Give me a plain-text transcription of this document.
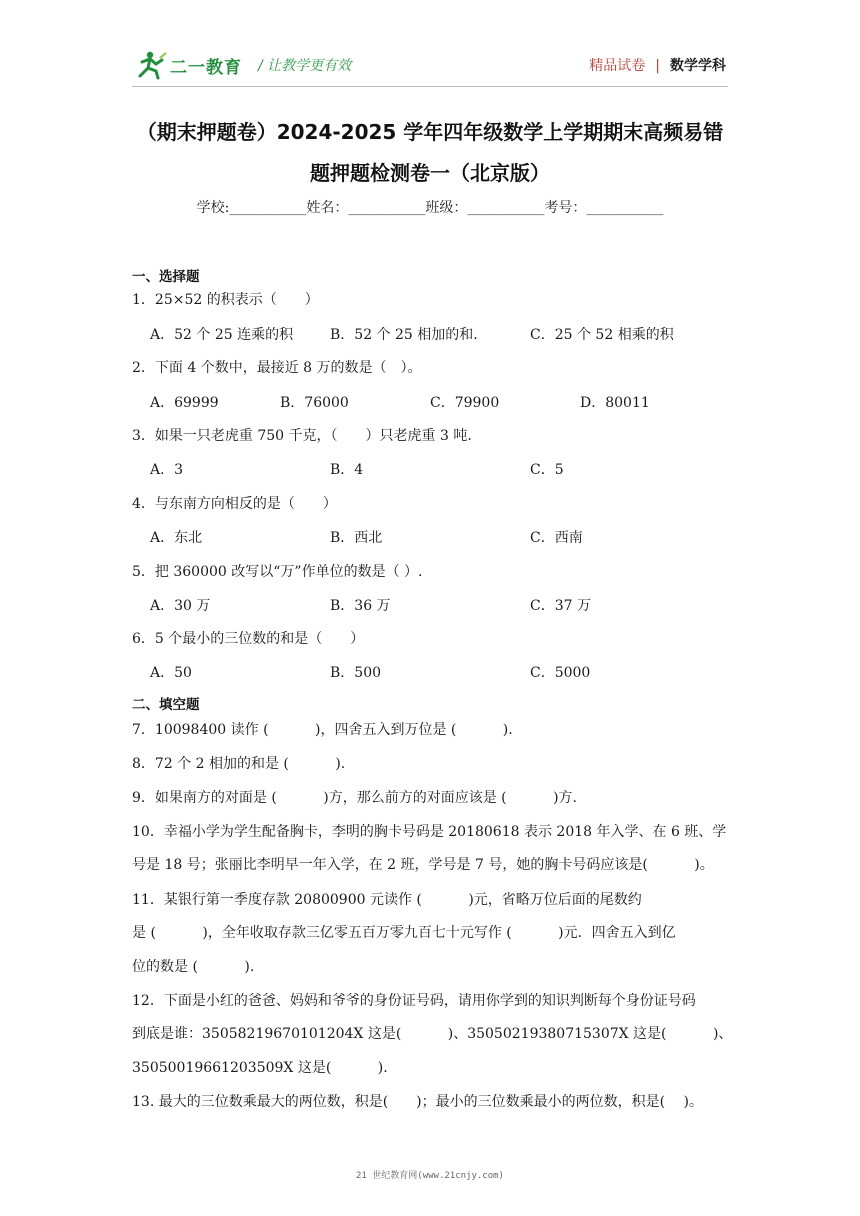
二一教育 / 让教学更有效	精品试卷 | 数学学科
（期末押题卷）2024-2025 学年四年级数学上学期期末高频易错
题押题检测卷一（北京版）
学校:___________姓名：___________班级：___________考号：___________
一、选择题
1．25×52 的积表示（　　）
A．52 个 25 连乘的积	B．52 个 25 相加的和.	C．25 个 52 相乘的积
2．下面 4 个数中，最接近 8 万的数是（　）。
A．69999	B．76000	C．79900	D．80011
3．如果一只老虎重 750 千克，（　　）只老虎重 3 吨.
A．3	B．4	C．5
4．与东南方向相反的是（　　）
A．东北	B．西北	C．西南
5．把 360000 改写以“万”作单位的数是（ ）.
A．30 万	B．36 万	C．37 万
6．5 个最小的三位数的和是（　　）
A．50	B．500	C．5000
二、填空题
7．10098400 读作 (　　　 )，四舍五入到万位是 (　　　 ).
8．72 个 2 相加的和是 (　　　 ).
9．如果南方的对面是 (　　　 )方，那么前方的对面应该是 (　　　 )方.
10．幸福小学为学生配备胸卡，李明的胸卡号码是 20180618 表示 2018 年入学、在 6 班、学
号是 18 号；张丽比李明早一年入学，在 2 班，学号是 7 号，她的胸卡号码应该是(　　　 )。
11．某银行第一季度存款 20800900 元读作 (　　　 )元，省略万位后面的尾数约
是 (　　　 )，全年收取存款三亿零五百万零九百七十元写作 (　　　 )元．四舍五入到亿
位的数是 (　　　 ).
12．下面是小红的爸爸、妈妈和爷爷的身份证号码，请用你学到的知识判断每个身份证号码
到底是谁：35058219670101204X 这是(　　　 )、35050219380715307X 这是(　　　 )、
35050019661203509X 这是(　　　 ).
13. 最大的三位数乘最大的两位数，积是(　　)；最小的三位数乘最小的两位数，积是(　 )。
21 世纪教育网(www.21cnjy.com)
